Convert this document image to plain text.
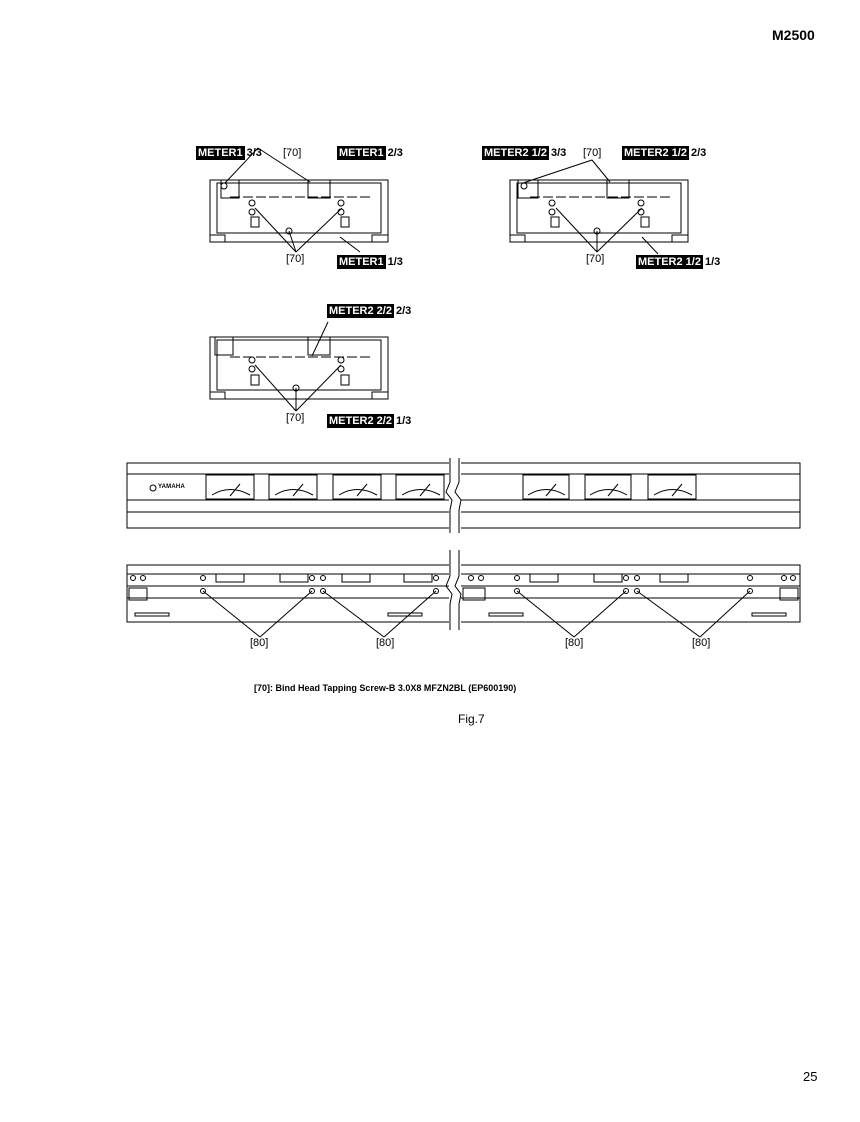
M2500
METER1 3/3 [70]	METER1 2/3
[70]	METER1 1/3
METER2 1/2 3/3 [70] METER2 1/2 2/3
[70]	METER2 1/2 1/3
METER2 2/2 2/3
[70] METER2 2/2 1/3
YAMAHA
[80]	[80]	[80]	[80]
[70]: Bind Head Tapping Screw-B 3.0X8 MFZN2BL (EP600190)
Fig.7
25
